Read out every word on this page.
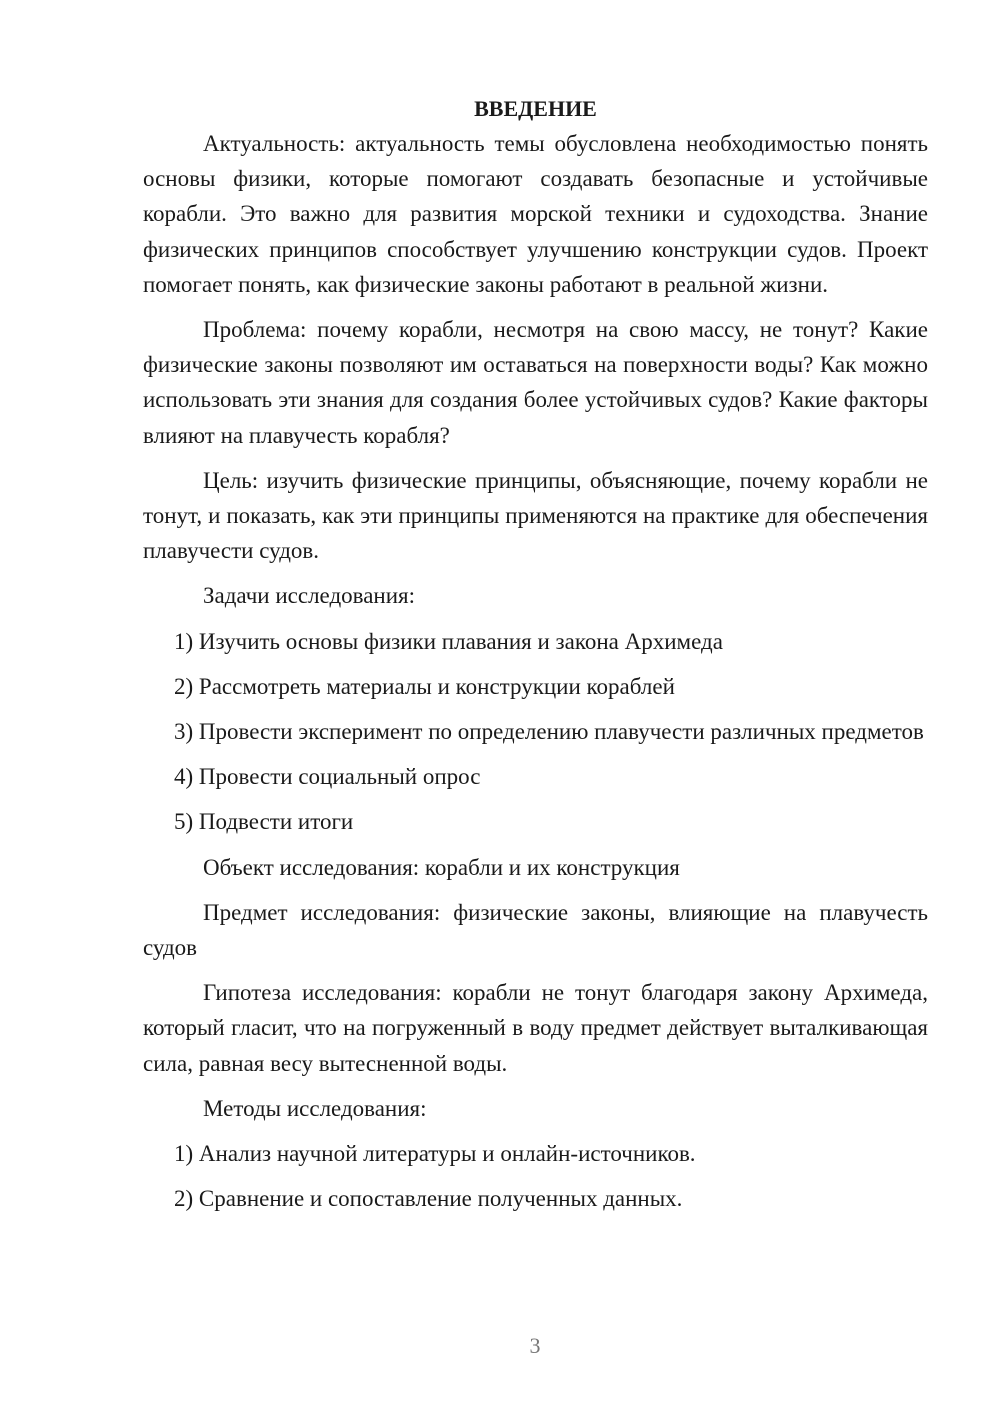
ВВЕДЕНИЕ

Актуальность: актуальность темы обусловлена необходимостью понять основы физики, которые помогают создавать безопасные и устойчивые корабли. Это важно для развития морской техники и судоходства. Знание физических принципов способствует улучшению конструкции судов. Проект помогает понять, как физические законы работают в реальной жизни.

Проблема: почему корабли, несмотря на свою массу, не тонут? Какие физические законы позволяют им оставаться на поверхности воды? Как можно использовать эти знания для создания более устойчивых судов? Какие факторы влияют на плавучесть корабля?

Цель: изучить физические принципы, объясняющие, почему корабли не тонут, и показать, как эти принципы применяются на практике для обеспечения плавучести судов.

Задачи исследования:

1) Изучить основы физики плавания и закона Архимеда

2) Рассмотреть материалы и конструкции кораблей

3) Провести эксперимент по определению плавучести различных предметов

4) Провести социальный опрос

5) Подвести итоги

Объект исследования: корабли и их конструкция

Предмет исследования: физические законы, влияющие на плавучесть судов

Гипотеза исследования: корабли не тонут благодаря закону Архимеда, который гласит, что на погруженный в воду предмет действует выталкивающая сила, равная весу вытесненной воды.

Методы исследования:

1) Анализ научной литературы и онлайн-источников.

2) Сравнение и сопоставление полученных данных.

3
